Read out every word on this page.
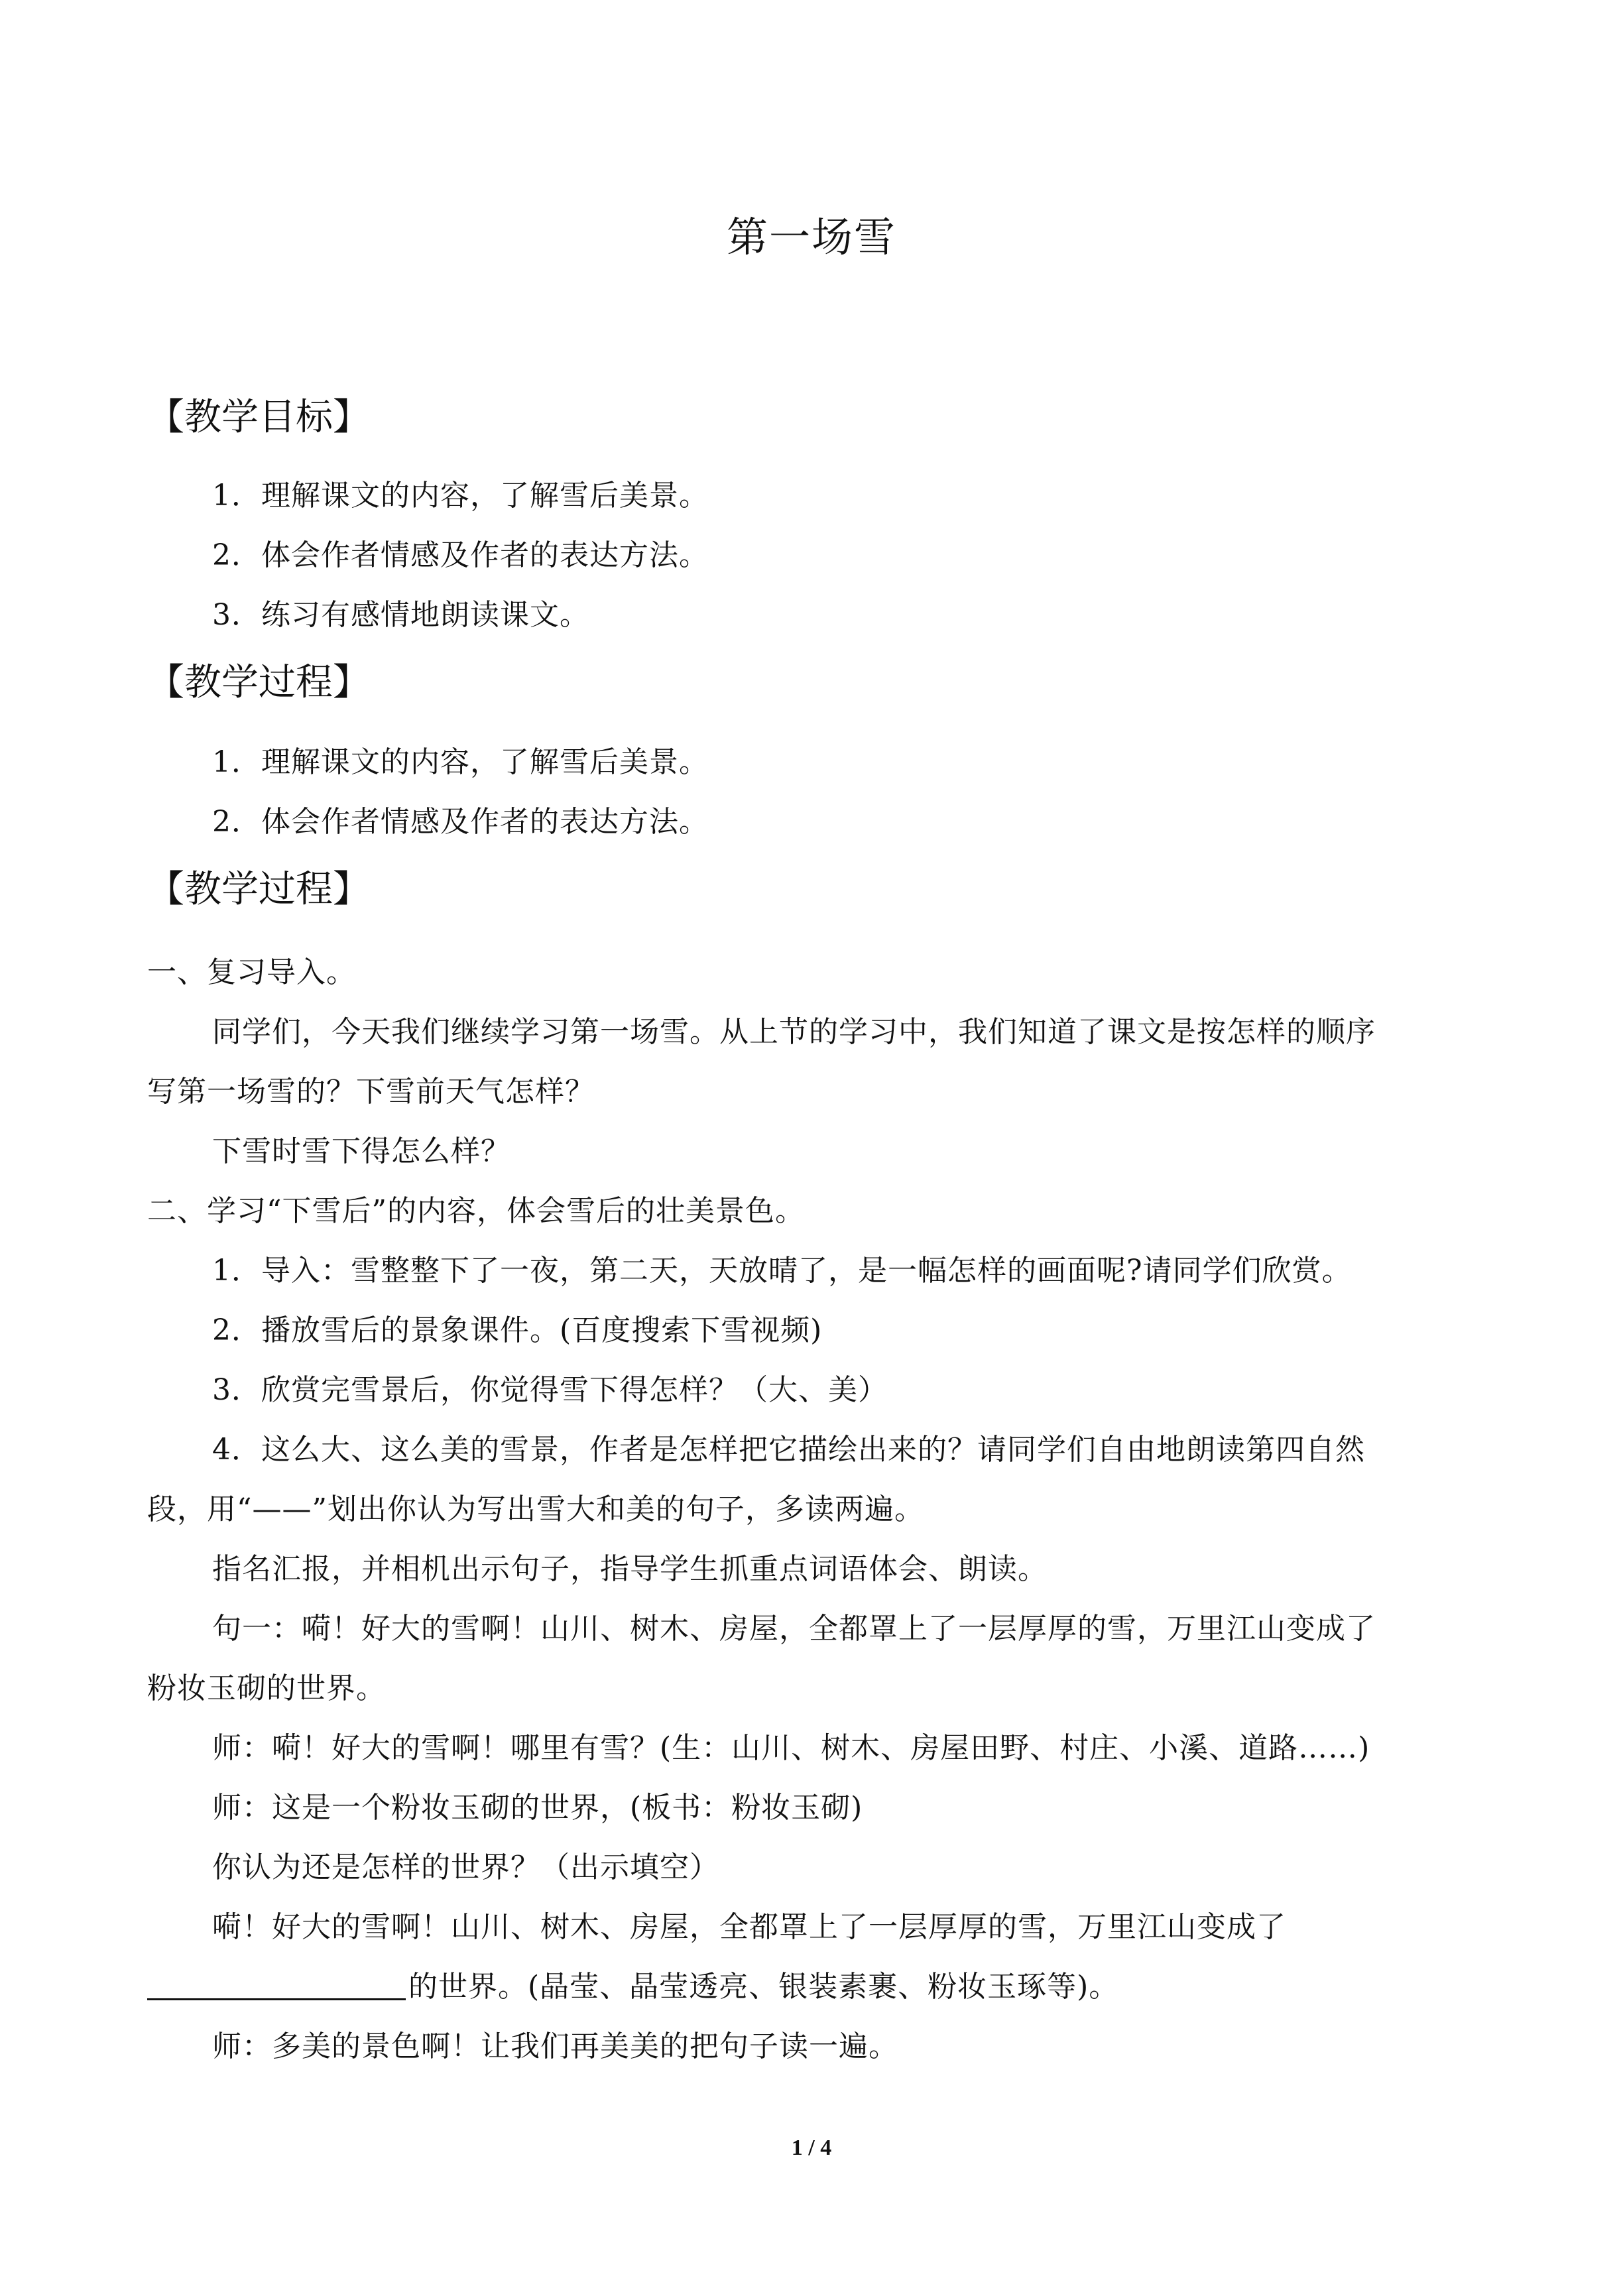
第一场雪
【教学目标】
1．理解课文的内容，了解雪后美景。
2．体会作者情感及作者的表达方法。
3．练习有感情地朗读课文。
【教学过程】
1．理解课文的内容，了解雪后美景。
2．体会作者情感及作者的表达方法。
【教学过程】
一、复习导入。
同学们，今天我们继续学习第一场雪。从上节的学习中，我们知道了课文是按怎样的顺序
写第一场雪的？下雪前天气怎样？
下雪时雪下得怎么样？
二、学习“下雪后”的内容，体会雪后的壮美景色。
1．导入：雪整整下了一夜，第二天，天放晴了，是一幅怎样的画面呢?请同学们欣赏。
2．播放雪后的景象课件。(百度搜索下雪视频)
3．欣赏完雪景后，你觉得雪下得怎样？（大、美）
4．这么大、这么美的雪景，作者是怎样把它描绘出来的？请同学们自由地朗读第四自然
段，用“——”划出你认为写出雪大和美的句子，多读两遍。
指名汇报，并相机出示句子，指导学生抓重点词语体会、朗读。
句一：嗬！好大的雪啊！山川、树木、房屋，全都罩上了一层厚厚的雪，万里江山变成了
粉妆玉砌的世界。
师：嗬！好大的雪啊！哪里有雪？(生：山川、树木、房屋田野、村庄、小溪、道路……)
师：这是一个粉妆玉砌的世界，(板书：粉妆玉砌)
你认为还是怎样的世界？（出示填空）
嗬！好大的雪啊！山川、树木、房屋，全都罩上了一层厚厚的雪，万里江山变成了
的世界。(晶莹、晶莹透亮、银装素裹、粉妆玉琢等)。
师：多美的景色啊！让我们再美美的把句子读一遍。
1 / 4
